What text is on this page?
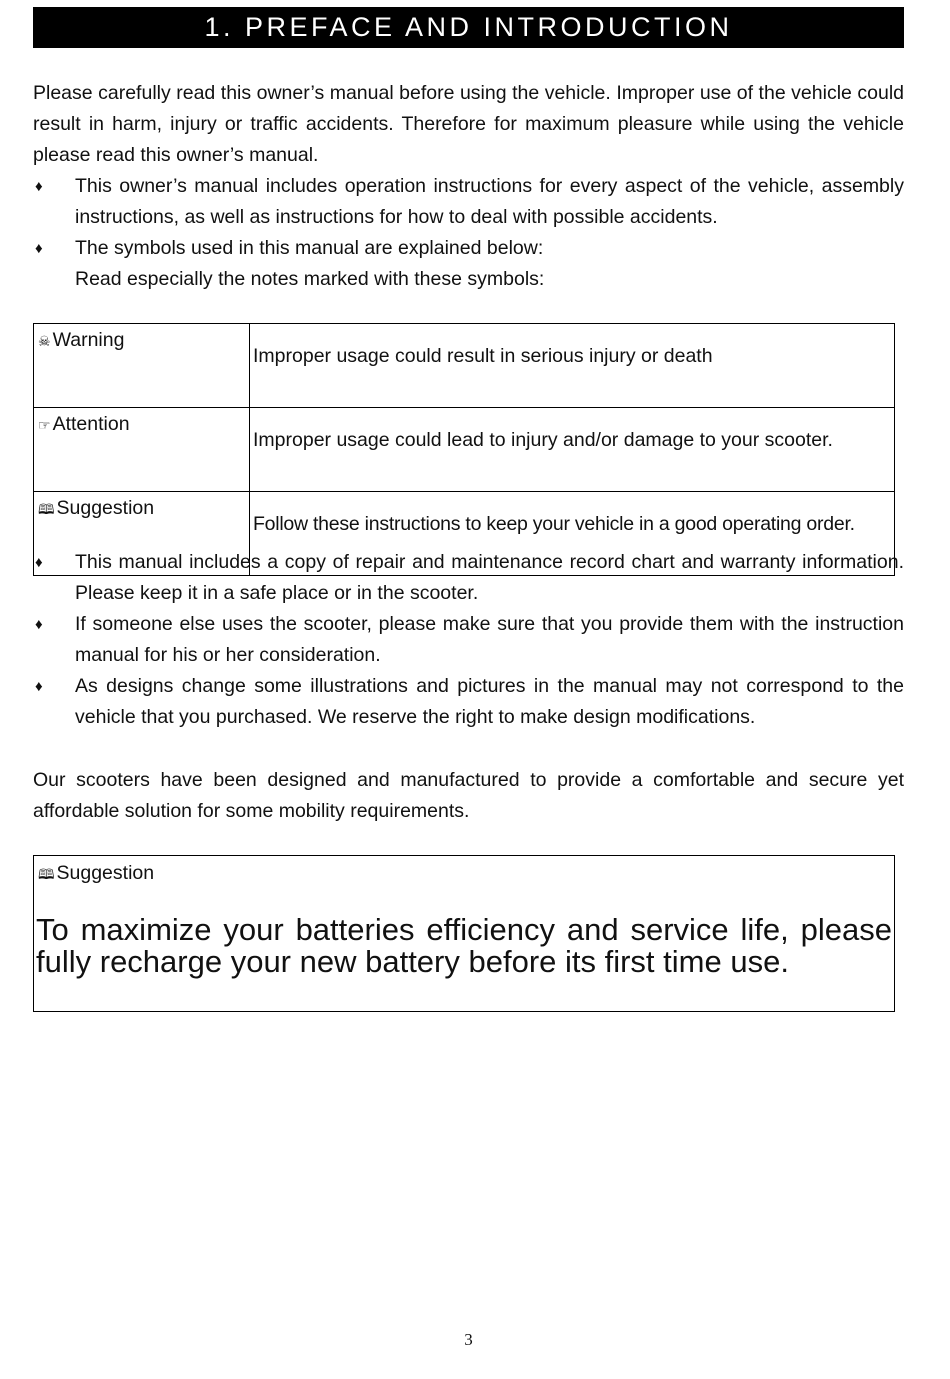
1. PREFACE AND INTRODUCTION

Please carefully read this owner’s manual before using the vehicle. Improper use of the vehicle could result in harm, injury or traffic accidents. Therefore for maximum pleasure while using the vehicle please read this owner’s manual.

♦ This owner’s manual includes operation instructions for every aspect of the vehicle, assembly instructions, as well as instructions for how to deal with possible accidents.
♦ The symbols used in this manual are explained below:
Read especially the notes marked with these symbols:
☠ Warning	Improper usage could result in serious injury or death
☞ Attention	Improper usage could lead to injury and/or damage to your scooter.
🕮 Suggestion	Follow these instructions to keep your vehicle in a good operating order.
♦ This manual includes a copy of repair and maintenance record chart and warranty information. Please keep it in a safe place or in the scooter.
♦ If someone else uses the scooter, please make sure that you provide them with the instruction manual for his or her consideration.
♦ As designs change some illustrations and pictures in the manual may not correspond to the vehicle that you purchased. We reserve the right to make design modifications.

Our scooters have been designed and manufactured to provide a comfortable and secure yet affordable solution for some mobility requirements.

🕮 Suggestion

To maximize your batteries efficiency and service life, please fully recharge your new battery before its first time use.

3
